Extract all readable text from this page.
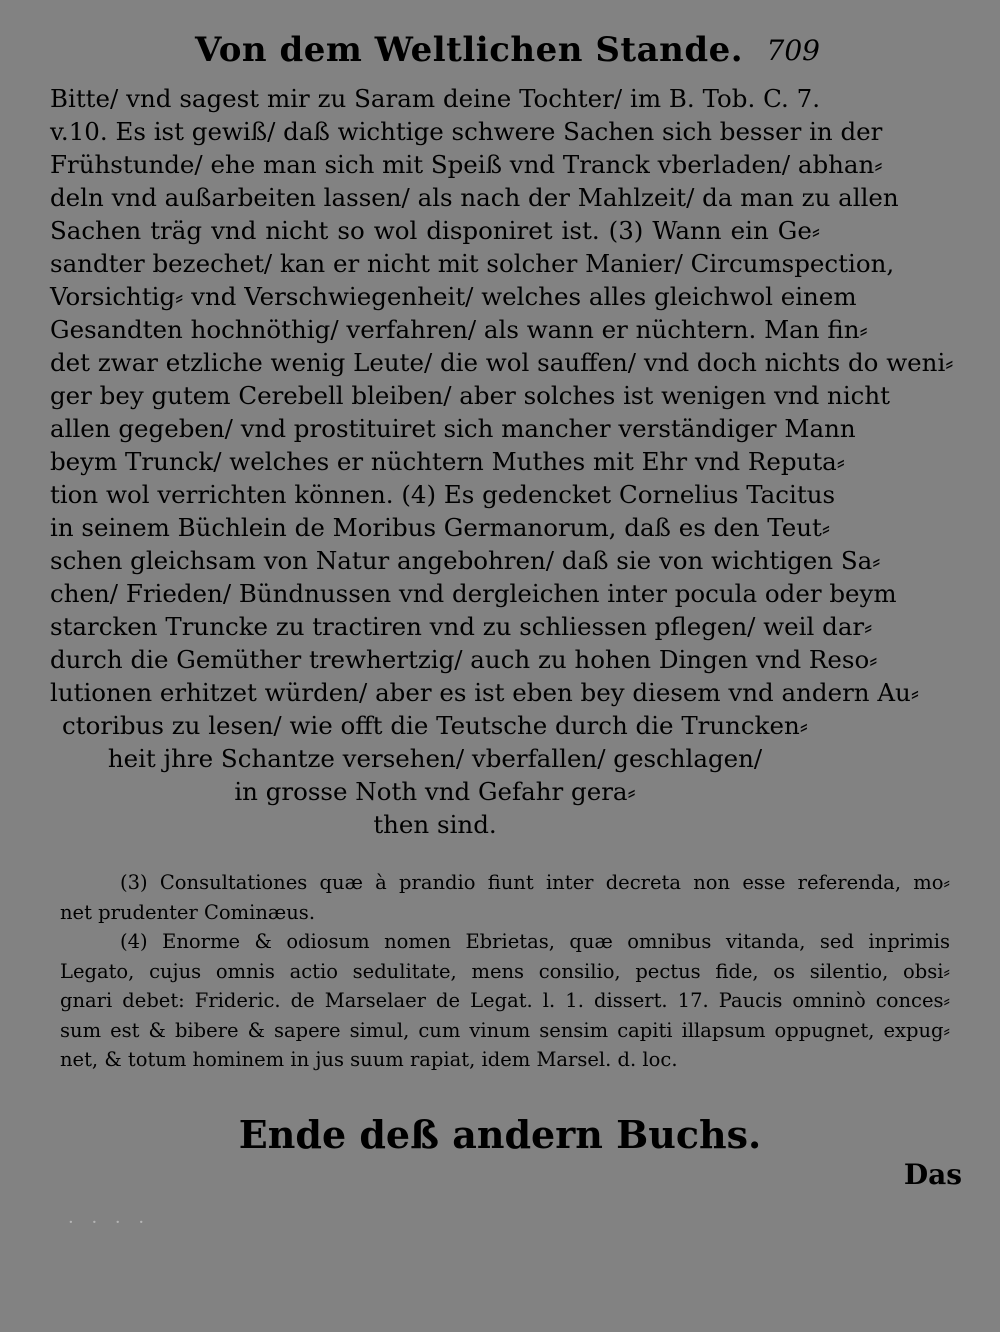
Von dem Weltlichen Stande. 709
Bitte/ vnd sagest mir zu Saram deine Tochter/ im B. Tob. C. 7.
v.10. Es ist gewiß/ daß wichtige schwere Sachen sich besser in der
Frühstunde/ ehe man sich mit Speiß vnd Tranck vberladen/ abhan⸗
deln vnd außarbeiten lassen/ als nach der Mahlzeit/ da man zu allen
Sachen träg vnd nicht so wol disponiret ist. (3) Wann ein Ge⸗
sandter bezechet/ kan er nicht mit solcher Manier/ Circumspection,
Vorsichtig⸗ vnd Verschwiegenheit/ welches alles gleichwol einem
Gesandten hochnöthig/ verfahren/ als wann er nüchtern. Man fin⸗
det zwar etzliche wenig Leute/ die wol sauffen/ vnd doch nichts do weni⸗
ger bey gutem Cerebell bleiben/ aber solches ist wenigen vnd nicht
allen gegeben/ vnd prostituiret sich mancher verständiger Mann
beym Trunck/ welches er nüchtern Muthes mit Ehr vnd Reputa⸗
tion wol verrichten können. (4) Es gedencket Cornelius Tacitus
in seinem Büchlein de Moribus Germanorum, daß es den Teut⸗
schen gleichsam von Natur angebohren/ daß sie von wichtigen Sa⸗
chen/ Frieden/ Bündnussen vnd dergleichen inter pocula oder beym
starcken Truncke zu tractiren vnd zu schliessen pflegen/ weil dar⸗
durch die Gemüther trewhertzig/ auch zu hohen Dingen vnd Reso⸗
lutionen erhitzet würden/ aber es ist eben bey diesem vnd andern Au⸗
ctoribus zu lesen/ wie offt die Teutsche durch die Truncken⸗
heit jhre Schantze versehen/ vberfallen/ geschlagen/
in grosse Noth vnd Gefahr gera⸗
then sind.
(3) Consultationes quæ à prandio fiunt inter decreta non esse referenda, mo⸗
net prudenter Cominæus.
(4) Enorme & odiosum nomen Ebrietas, quæ omnibus vitanda, sed inprimis
Legato, cujus omnis actio sedulitate, mens consilio, pectus fide, os silentio, obsi⸗
gnari debet: Frideric. de Marselaer de Legat. l. 1. dissert. 17. Paucis omninò conces⸗
sum est & bibere & sapere simul, cum vinum sensim capiti illapsum oppugnet, expug⸗
net, & totum hominem in jus suum rapiat, idem Marsel. d. loc.
Ende deß andern Buchs.
Das
· · · ·
